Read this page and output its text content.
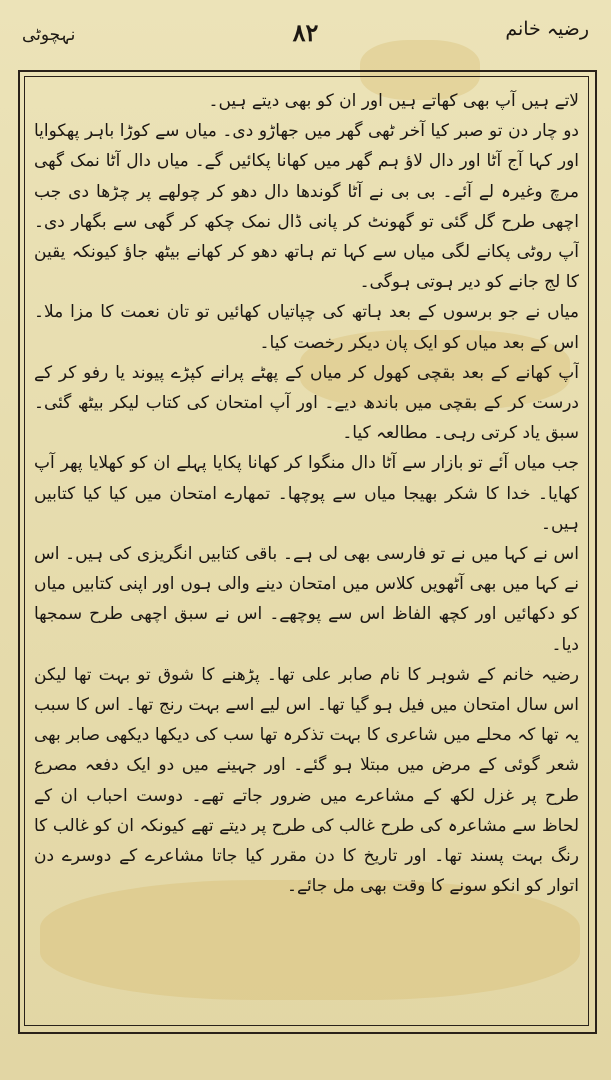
رضیہ خانم
۸۲
نہچوٹی

لاتے ہیں آپ بھی کھاتے ہیں اور ان کو بھی دیتے ہیں۔

دو چار دن تو صبر کیا آخر ٹھی گھر میں جھاڑو دی۔ میاں سے کوڑا باہر پھکوایا اور کہا آج آٹا اور دال لاؤ ہم گھر میں کھانا پکائیں گے۔ میاں دال آٹا نمک گھی مرچ وغیرہ لے آئے۔ بی بی نے آٹا گوندھا دال دھو کر چولھے پر چڑھا دی جب اچھی طرح گل گئی تو گھونٹ کر پانی ڈال نمک چکھ کر گھی سے بگھار دی۔ آپ روٹی پکانے لگی میاں سے کہا تم ہاتھ دھو کر کھانے بیٹھ جاؤ کیونکہ یقین کا لج جانے کو دیر ہوتی ہوگی۔

میاں نے جو برسوں کے بعد ہاتھ کی چپاتیاں کھائیں تو تان نعمت کا مزا ملا۔ اس کے بعد میاں کو ایک پان دیکر رخصت کیا۔

آپ کھانے کے بعد بقچی کھول کر میاں کے پھٹے پرانے کپڑے پیوند یا رفو کر کے درست کر کے بقچی میں باندھ دیے۔ اور آپ امتحان کی کتاب لیکر بیٹھ گئی۔ سبق یاد کرتی رہی۔ مطالعہ کیا۔

جب میاں آئے تو بازار سے آٹا دال منگوا کر کھانا پکایا پہلے ان کو کھلایا پھر آپ کھایا۔ خدا کا شکر بھیجا میاں سے پوچھا۔ تمھارے امتحان میں کیا کیا کتابیں ہیں۔

اس نے کہا میں نے تو فارسی بھی لی ہے۔ باقی کتابیں انگریزی کی ہیں۔ اس نے کہا میں بھی آٹھویں کلاس میں امتحان دینے والی ہوں اور اپنی کتابیں میاں کو دکھائیں اور کچھ الفاظ اس سے پوچھے۔ اس نے سبق اچھی طرح سمجھا دیا۔

رضیہ خانم کے شوہر کا نام صابر علی تھا۔ پڑھنے کا شوق تو بہت تھا لیکن اس سال امتحان میں فیل ہو گیا تھا۔ اس لیے اسے بہت رنج تھا۔ اس کا سبب یہ تھا کہ محلے میں شاعری کا بہت تذکرہ تھا سب کی دیکھا دیکھی صابر بھی شعر گوئی کے مرض میں مبتلا ہو گئے۔ اور جہینے میں دو ایک دفعہ مصرع طرح پر غزل لکھ کے مشاعرے میں ضرور جاتے تھے۔ دوست احباب ان کے لحاظ سے مشاعرہ کی طرح غالب کی طرح پر دیتے تھے کیونکہ ان کو غالب کا رنگ بہت پسند تھا۔ اور تاریخ کا دن مقرر کیا جاتا مشاعرے کے دوسرے دن اتوار کو انکو سونے کا وقت بھی مل جائے۔
